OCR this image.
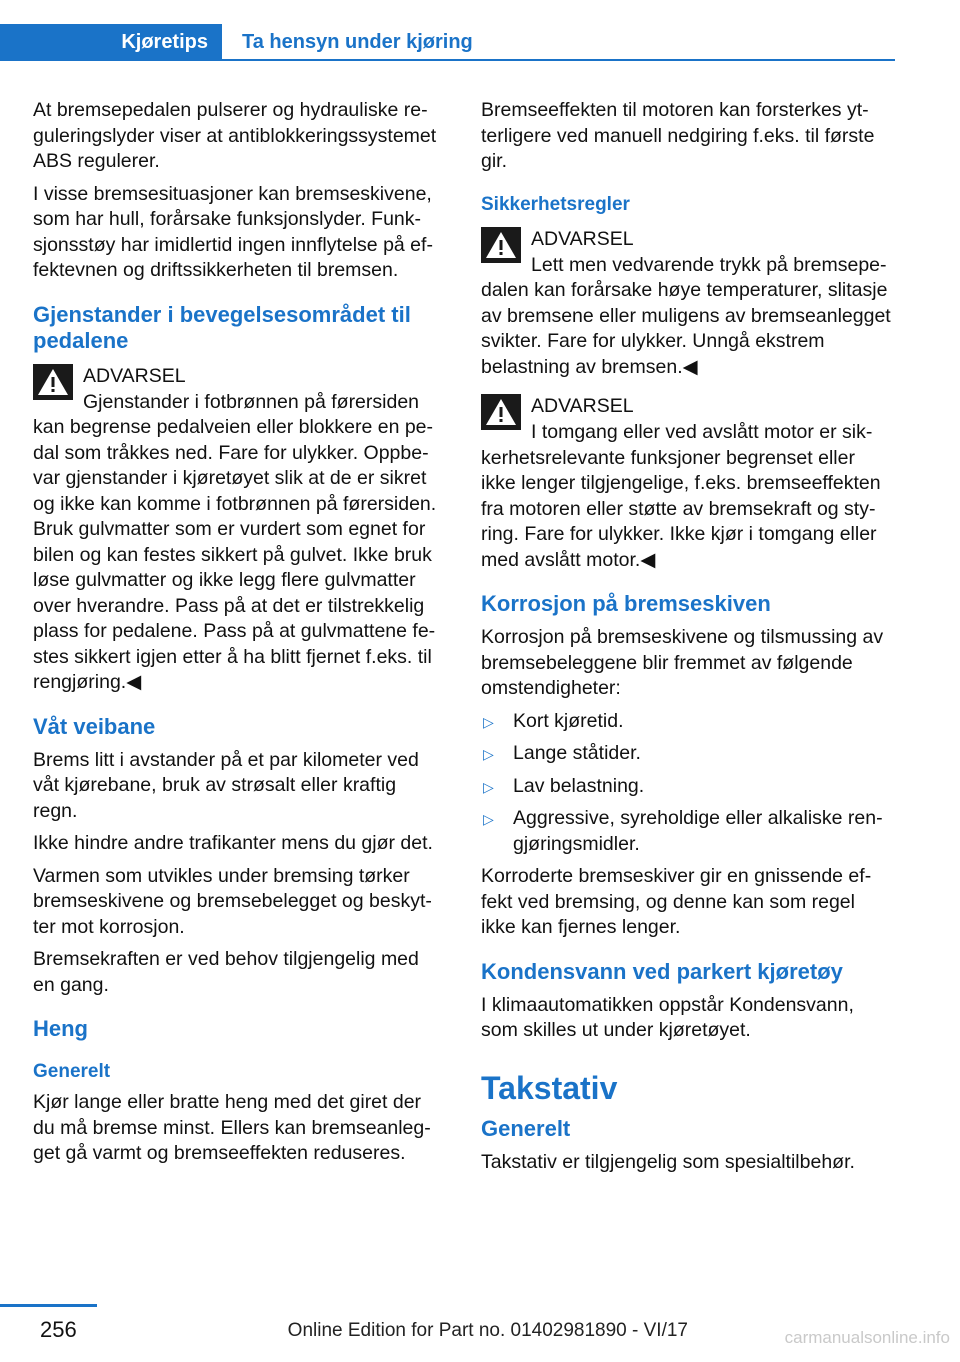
Kjøretips	Ta hensyn under kjøring

At bremsepedalen pulserer og hydrauliske reguleringslyder viser at antiblokkeringssystemet ABS regulerer.

I visse bremsesituasjoner kan bremseskivene, som har hull, forårsake funksjonslyder. Funksjonsstøy har imidlertid ingen innflytelse på effektevnen og driftssikkerheten til bremsen.

Gjenstander i bevegelsesområdet til pedalene
ADVARSEL
Gjenstander i fotbrønnen på førersiden kan begrense pedalveien eller blokkere en pedal som tråkkes ned. Fare for ulykker. Oppbevar gjenstander i kjøretøyet slik at de er sikret og ikke kan komme i fotbrønnen på førersiden. Bruk gulvmatter som er vurdert som egnet for bilen og kan festes sikkert på gulvet. Ikke bruk løse gulvmatter og ikke legg flere gulvmatter over hverandre. Pass på at det er tilstrekkelig plass for pedalene. Pass på at gulvmattene festes sikkert igjen etter å ha blitt fjernet f.eks. til rengjøring.◀
Våt veibane

Brems litt i avstander på et par kilometer ved våt kjørebane, bruk av strøsalt eller kraftig regn.

Ikke hindre andre trafikanter mens du gjør det.

Varmen som utvikles under bremsing tørker bremseskivene og bremsebelegget og beskytter mot korrosjon.

Bremsekraften er ved behov tilgjengelig med en gang.

Heng
Generelt

Kjør lange eller bratte heng med det giret der du må bremse minst. Ellers kan bremseanlegget gå varmt og bremseeffekten reduseres.

Bremseeffekten til motoren kan forsterkes ytterligere ved manuell nedgiring f.eks. til første gir.

Sikkerhetsregler
ADVARSEL
Lett men vedvarende trykk på bremsepedalen kan forårsake høye temperaturer, slitasje av bremsene eller muligens av bremseanlegget svikter. Fare for ulykker. Unngå ekstrem belastning av bremsen.◀
ADVARSEL
I tomgang eller ved avslått motor er sikkerhetsrelevante funksjoner begrenset eller ikke lenger tilgjengelige, f.eks. bremseeffekten fra motoren eller støtte av bremsekraft og styring. Fare for ulykker. Ikke kjør i tomgang eller med avslått motor.◀
Korrosjon på bremseskiven

Korrosjon på bremseskivene og tilsmussing av bremsebeleggene blir fremmet av følgende omstendigheter:

▷ Kort kjøretid.
▷ Lange ståtider.
▷ Lav belastning.
▷ Aggressive, syreholdige eller alkaliske rengjøringsmidler.

Korroderte bremseskiver gir en gnissende effekt ved bremsing, og denne kan som regel ikke kan fjernes lenger.

Kondensvann ved parkert kjøretøy

I klimaautomatikken oppstår Kondensvann, som skilles ut under kjøretøyet.

Takstativ
Generelt

Takstativ er tilgjengelig som spesialtilbehør.

256	Online Edition for Part no. 01402981890 - VI/17	carmanualsonline.info
